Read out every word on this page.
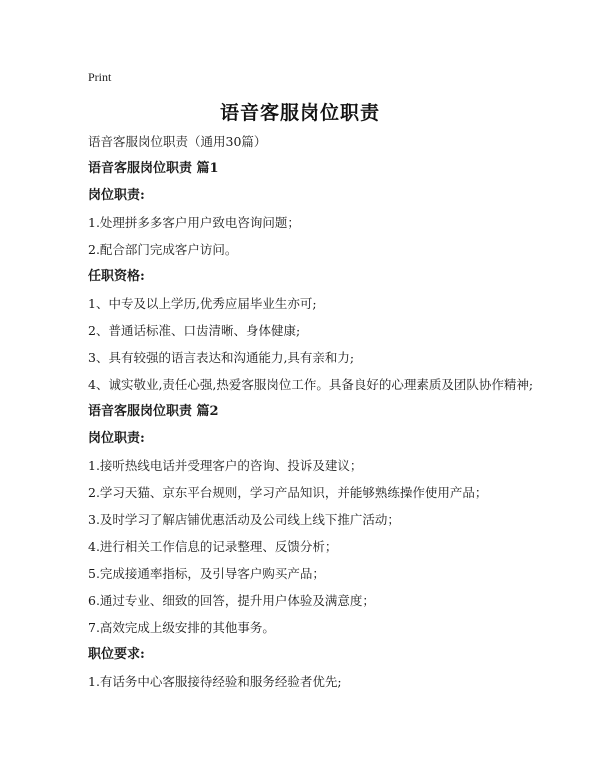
Print
语音客服岗位职责
语音客服岗位职责（通用30篇）
语音客服岗位职责 篇1
岗位职责:
1.处理拼多多客户用户致电咨询问题；
2.配合部门完成客户访问。
任职资格:
1、中专及以上学历,优秀应届毕业生亦可;
2、普通话标准、口齿清晰、身体健康;
3、具有较强的语言表达和沟通能力,具有亲和力;
4、诚实敬业,责任心强,热爱客服岗位工作。具备良好的心理素质及团队协作精神;
语音客服岗位职责 篇2
岗位职责:
1.接听热线电话并受理客户的咨询、投诉及建议；
2.学习天猫、京东平台规则，学习产品知识，并能够熟练操作使用产品；
3.及时学习了解店铺优惠活动及公司线上线下推广活动；
4.进行相关工作信息的记录整理、反馈分析；
5.完成接通率指标，及引导客户购买产品；
6.通过专业、细致的回答，提升用户体验及满意度；
7.高效完成上级安排的其他事务。
职位要求:
1.有话务中心客服接待经验和服务经验者优先;
